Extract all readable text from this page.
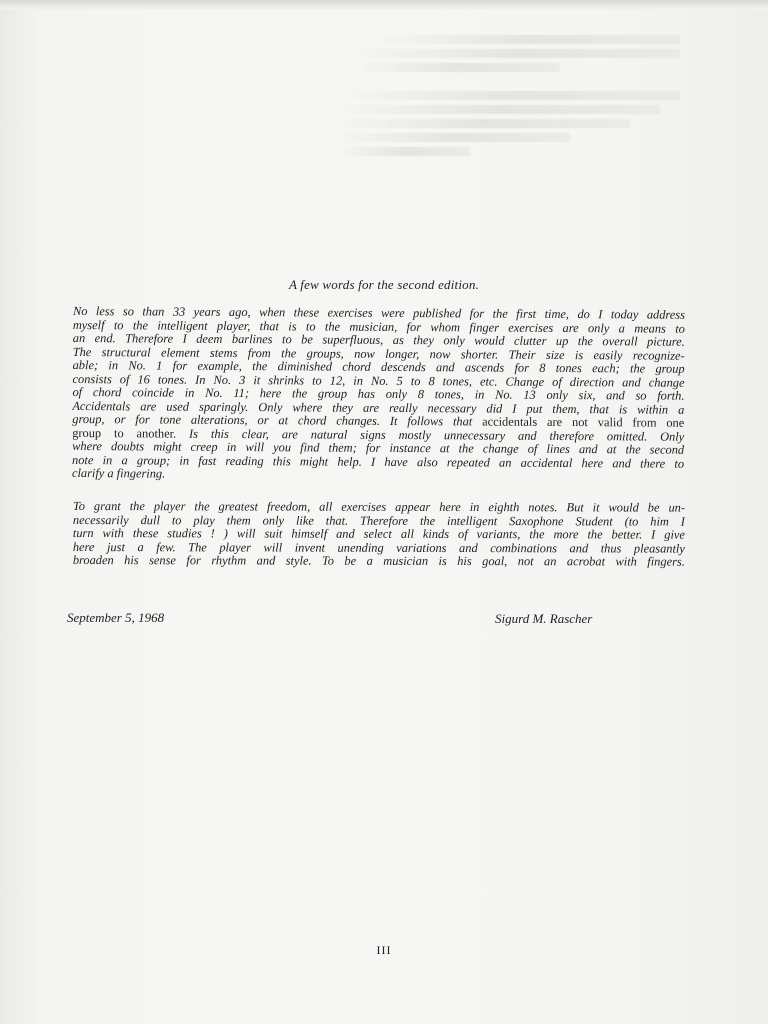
A few words for the second edition.
No less so than 33 years ago, when these exercises were published for the first time, do I today address
myself to the intelligent player, that is to the musician, for whom finger exercises are only a means to
an end. Therefore I deem barlines to be superfluous, as they only would clutter up the overall picture.
The structural element stems from the groups, now longer, now shorter. Their size is easily recognize-
able; in No. 1 for example, the diminished chord descends and ascends for 8 tones each; the group
consists of 16 tones. In No. 3 it shrinks to 12, in No. 5 to 8 tones, etc. Change of direction and change
of chord coincide in No. 11; here the group has only 8 tones, in No. 13 only six, and so forth.
Accidentals are used sparingly. Only where they are really necessary did I put them, that is within a
group, or for tone alterations, or at chord changes. It follows that accidentals are not valid from one
group to another. Is this clear, are natural signs mostly unnecessary and therefore omitted. Only
where doubts might creep in will you find them; for instance at the change of lines and at the second
note in a group; in fast reading this might help. I have also repeated an accidental here and there to
clarify a fingering.
To grant the player the greatest freedom, all exercises appear here in eighth notes. But it would be un-
necessarily dull to play them only like that. Therefore the intelligent Saxophone Student (to him I
turn with these studies ! ) will suit himself and select all kinds of variants, the more the better. I give
here just a few. The player will invent unending variations and combinations and thus pleasantly
broaden his sense for rhythm and style. To be a musician is his goal, not an acrobat with fingers.
September 5, 1968	Sigurd M. Rascher
III
